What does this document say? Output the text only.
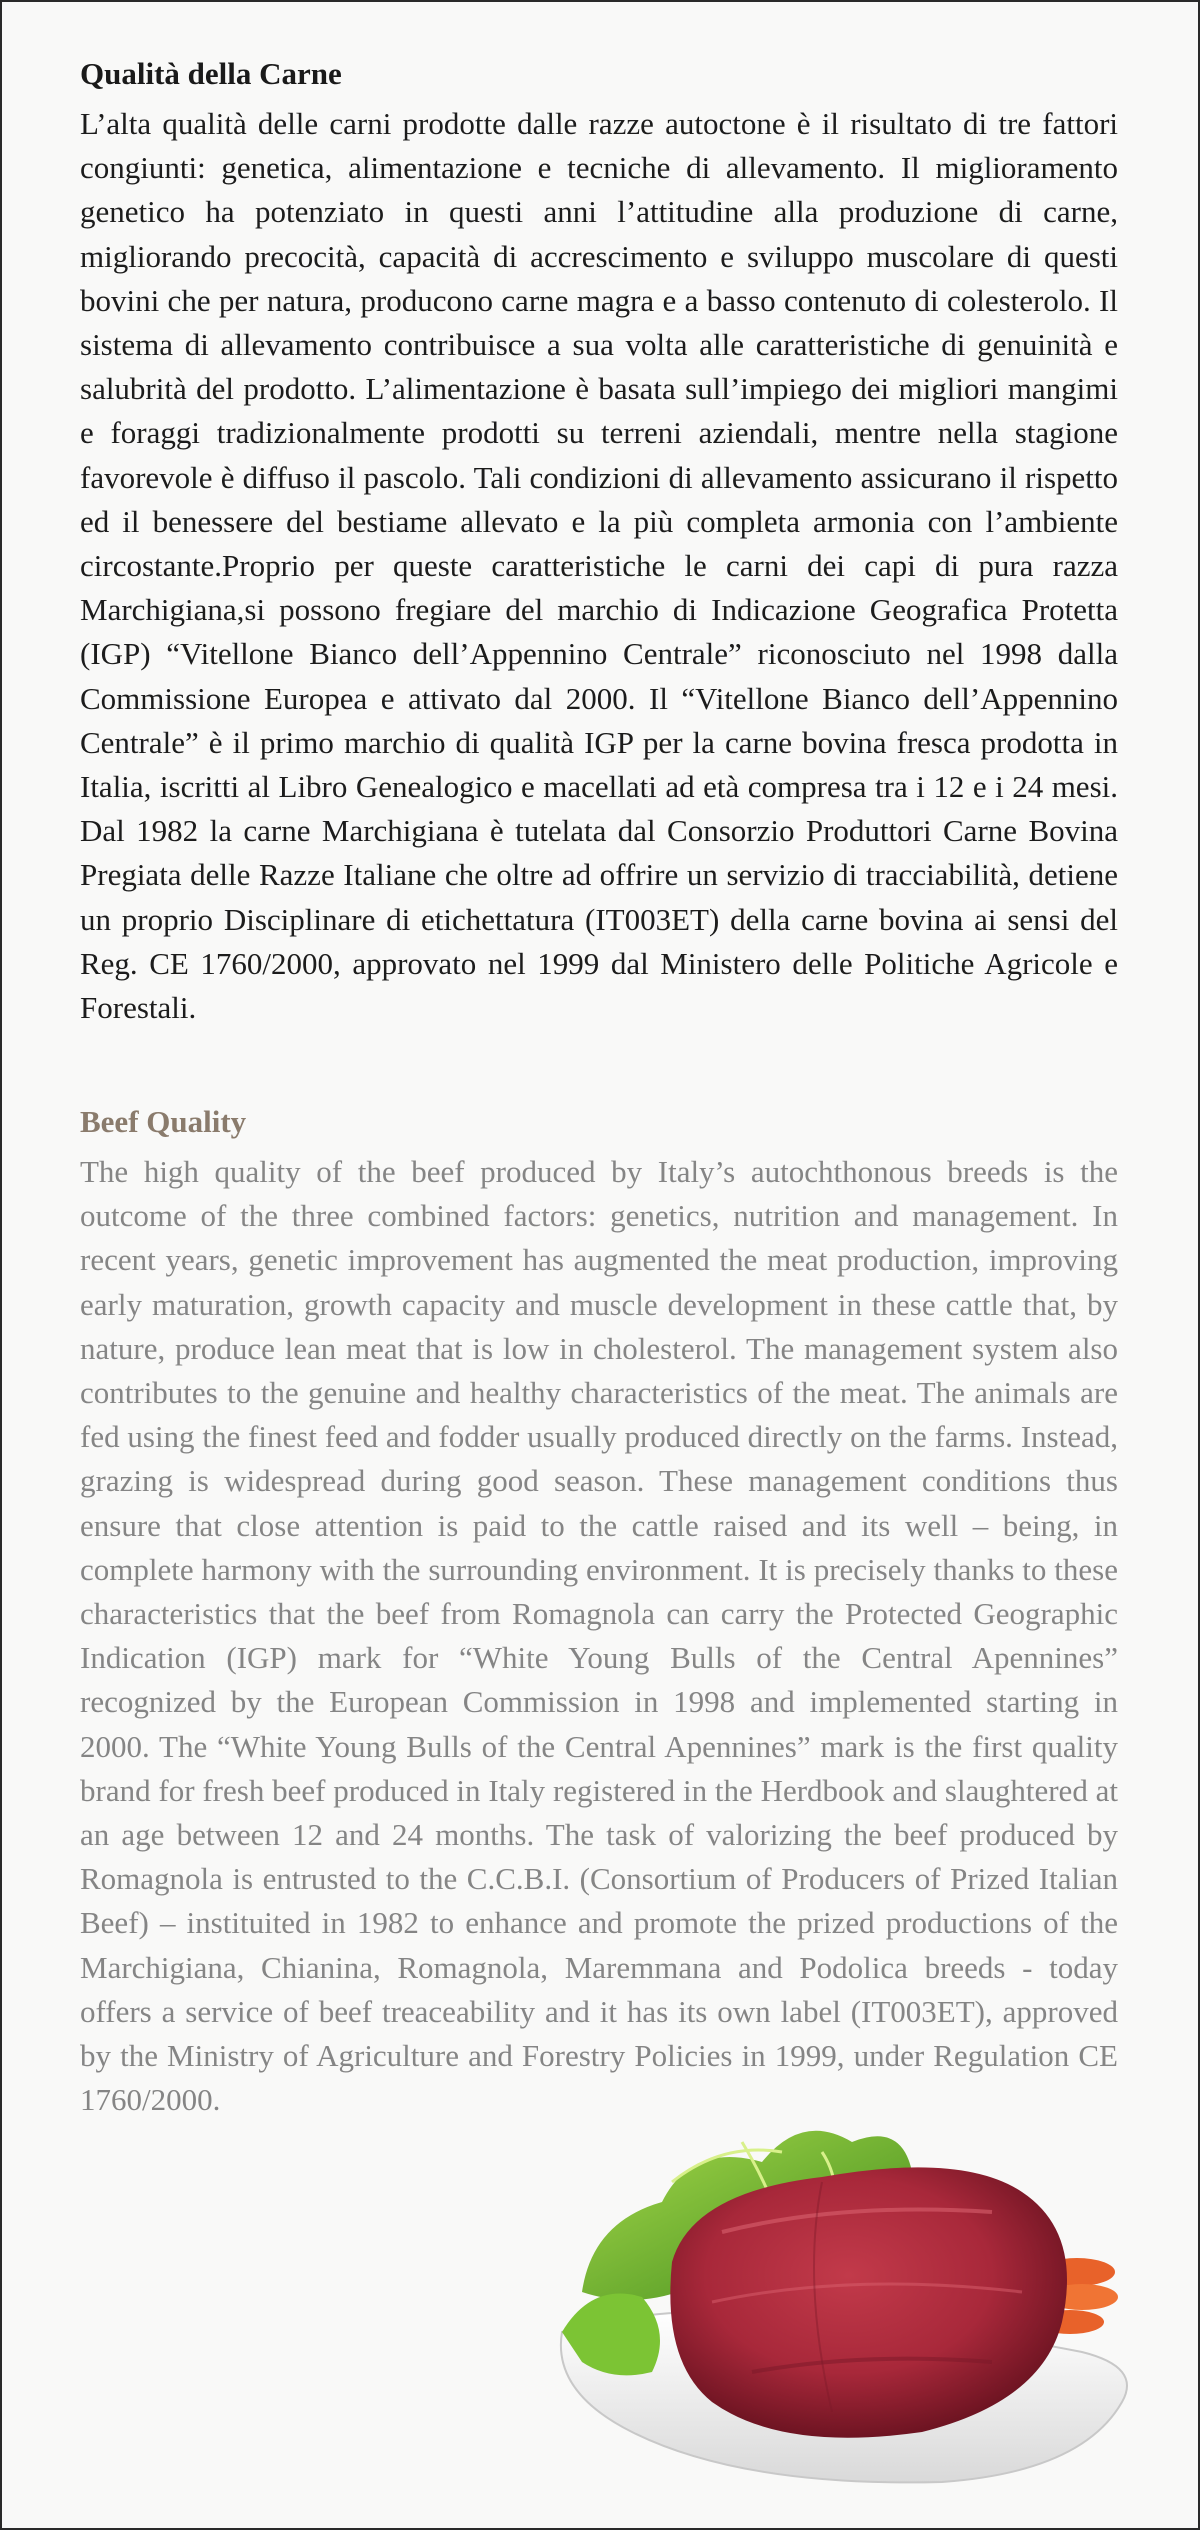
Qualità della Carne

L’alta qualità delle carni prodotte dalle razze autoctone è il risultato di tre fattori congiunti: genetica, alimentazione e tecniche di allevamento. Il miglioramento genetico ha potenziato in questi anni l’attitudine alla produzione di carne, migliorando precocità, capacità di accrescimento e sviluppo muscolare di questi bovini che per natura, producono carne magra e a basso contenuto di colesterolo. Il sistema di allevamento contribuisce a sua volta alle caratteristiche di genuinità e salubrità del prodotto. L’alimentazione è basata sull’impiego dei migliori mangimi e foraggi tradizionalmente prodotti su terreni aziendali, mentre nella stagione favorevole è diffuso il pascolo. Tali condizioni di allevamento assicurano il rispetto ed il benessere del bestiame allevato e la più completa armonia con l’ambiente circostante.Proprio per queste caratteristiche le carni dei capi di pura razza Marchigiana,si possono fregiare del marchio di Indicazione Geografica Protetta (IGP) “Vitellone Bianco dell’Appennino Centrale” riconosciuto nel 1998 dalla Commissione Europea e attivato dal 2000. Il “Vitellone Bianco dell’Appennino Centrale” è il primo marchio di qualità IGP per la carne bovina fresca prodotta in Italia, iscritti al Libro Genealogico e macellati ad età compresa tra i 12 e i 24 mesi. Dal 1982 la carne Marchigiana è tutelata dal Consorzio Produttori Carne Bovina Pregiata delle Razze Italiane che oltre ad offrire un servizio di tracciabilità, detiene un proprio Disciplinare di etichettatura (IT003ET) della carne bovina ai sensi del Reg. CE 1760/2000, approvato nel 1999 dal Ministero delle Politiche Agricole e Forestali.

Beef Quality

The high quality of the beef produced by Italy’s autochthonous breeds is the outcome of the three combined factors: genetics, nutrition and management. In recent years, genetic improvement has augmented the meat production, improving early maturation, growth capacity and muscle development in these cattle that, by nature, produce lean meat that is low in cholesterol. The management system also contributes to the genuine and healthy characteristics of the meat. The animals are fed using the finest feed and fodder usually produced directly on the farms. Instead, grazing is widespread during good season. These management conditions thus ensure that close attention is paid to the cattle raised and its well – being, in complete harmony with the surrounding environment. It is precisely thanks to these characteristics that the beef from Romagnola can carry the Protected Geographic Indication (IGP) mark for “White Young Bulls of the Central Apennines” recognized by the European Commission in 1998 and implemented starting in 2000. The “White Young Bulls of the Central Apennines” mark is the first quality brand for fresh beef produced in Italy registered in the Herdbook and slaughtered at an age between 12 and 24 months. The task of valorizing the beef produced by Romagnola is entrusted to the C.C.B.I. (Consortium of Producers of Prized Italian Beef) – instituited in 1982 to enhance and promote the prized productions of the Marchigiana, Chianina, Romagnola, Maremmana and Podolica breeds - today offers a service of beef treaceability and it has its own label (IT003ET), approved by the Ministry of Agriculture and Forestry Policies in 1999, under Regulation CE 1760/2000.
